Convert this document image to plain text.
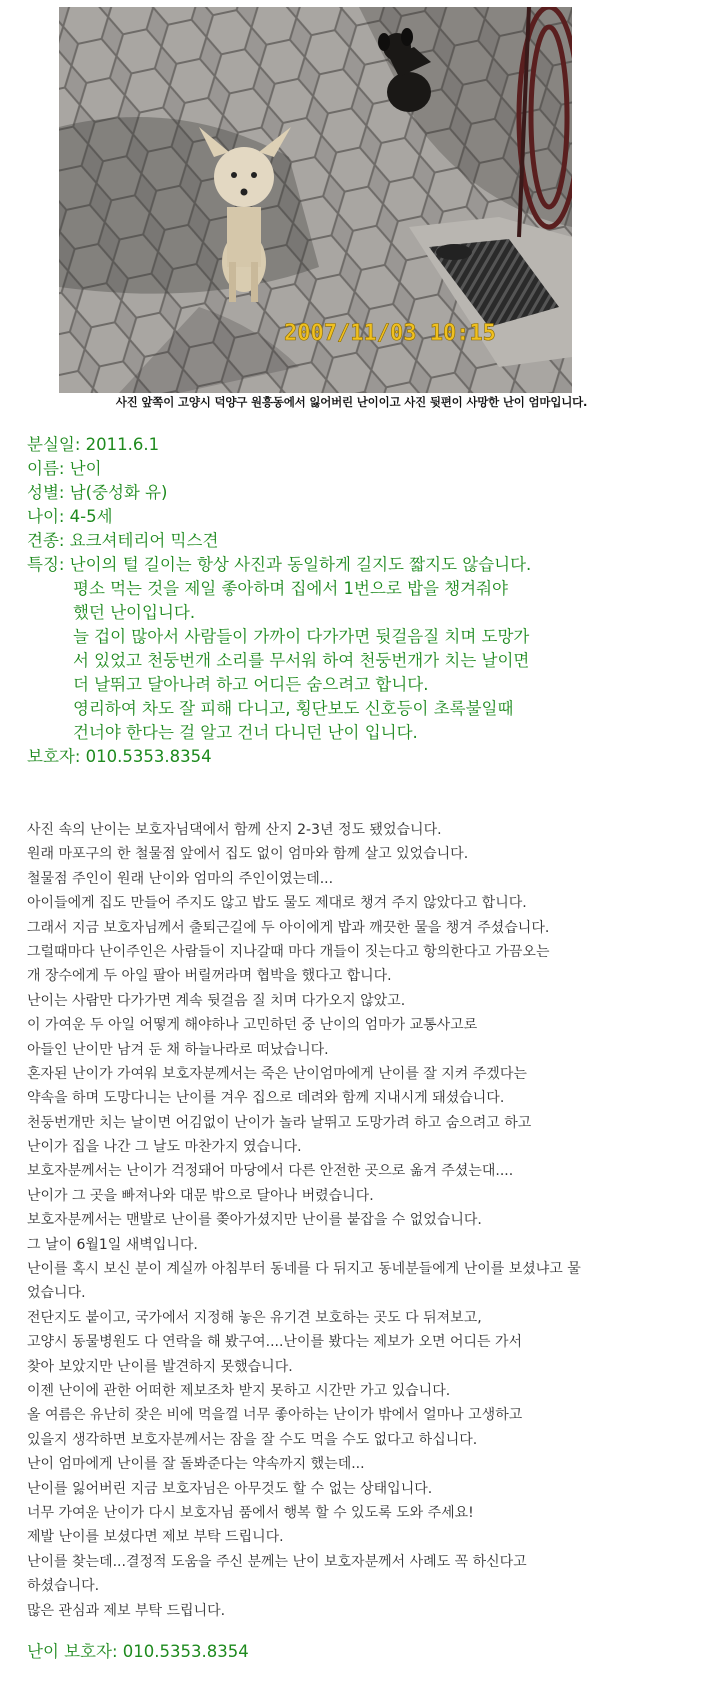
2007/11/03 10:15
사진 앞쪽이 고양시 덕양구 원흥동에서 잃어버린 난이이고 사진 뒷편이 사망한 난이 엄마입니다.
분실일: 2011.6.1
이름: 난이
성별: 남(중성화 유)
나이: 4-5세
견종: 요크셔테리어 믹스견
특징: 난이의 털 길이는 항상 사진과 동일하게 길지도 짧지도 않습니다.
평소 먹는 것을 제일 좋아하며 집에서 1번으로 밥을 챙겨줘야
했던 난이입니다.
늘 겁이 많아서 사람들이 가까이 다가가면 뒷걸음질 치며 도망가
서 있었고 천둥번개 소리를 무서워 하여 천둥번개가 치는 날이면
더 날뛰고 달아나려 하고 어디든 숨으려고 합니다.
영리하여 차도 잘 피해 다니고, 횡단보도 신호등이 초록불일때
건너야 한다는 걸 알고 건너 다니던 난이 입니다.
보호자: 010.5353.8354
사진 속의 난이는 보호자님댁에서 함께 산지 2-3년 정도 됐었습니다.
원래 마포구의 한 철물점 앞에서 집도 없이 엄마와 함께 살고 있었습니다.
철물점 주인이 원래 난이와 엄마의 주인이였는데...
아이들에게 집도 만들어 주지도 않고 밥도 물도 제대로 챙겨 주지 않았다고 합니다.
그래서 지금 보호자님께서 출퇴근길에 두 아이에게 밥과 깨끗한 물을 챙겨 주셨습니다.
그럴때마다 난이주인은 사람들이 지나갈때 마다 개들이 짓는다고 항의한다고 가끔오는
개 장수에게 두 아일 팔아 버릴꺼라며 협박을 했다고 합니다.
난이는 사람만 다가가면 계속 뒷걸음 질 치며 다가오지 않았고.
이 가여운 두 아일 어떻게 해야하나 고민하던 중 난이의 엄마가 교통사고로
아들인 난이만 남겨 둔 채 하늘나라로 떠났습니다.
혼자된 난이가 가여워 보호자분께서는 죽은 난이엄마에게 난이를 잘 지켜 주겠다는
약속을 하며 도망다니는 난이를 겨우 집으로 데려와 함께 지내시게 돼셨습니다.
천둥번개만 치는 날이면 어김없이 난이가 놀라 날뛰고 도망가려 하고 숨으려고 하고
난이가 집을 나간 그 날도 마찬가지 였습니다.
보호자분께서는 난이가 걱정돼어 마당에서 다른 안전한 곳으로 옮겨 주셨는대....
난이가 그 곳을 빠져나와 대문 밖으로 달아나 버렸습니다.
보호자분께서는 맨발로 난이를 쫒아가셨지만 난이를 붙잡을 수 없었습니다.
그 날이 6월1일 새벽입니다.
난이를 혹시 보신 분이 계실까 아침부터 동네를 다 뒤지고 동네분들에게 난이를 보셨냐고 물
었습니다.
전단지도 붙이고, 국가에서 지정해 놓은 유기견 보호하는 곳도 다 뒤져보고,
고양시 동물병원도 다 연락을 해 봤구여....난이를 봤다는 제보가 오면 어디든 가서
찾아 보았지만 난이를 발견하지 못했습니다.
이젠 난이에 관한 어떠한 제보조차 받지 못하고 시간만 가고 있습니다.
올 여름은 유난히 잦은 비에 먹을껄 너무 좋아하는 난이가 밖에서 얼마나 고생하고
있을지 생각하면 보호자분께서는 잠을 잘 수도 먹을 수도 없다고 하십니다.
난이 엄마에게 난이를 잘 돌봐준다는 약속까지 했는데...
난이를 잃어버린 지금 보호자님은 아무것도 할 수 없는 상태입니다.
너무 가여운 난이가 다시 보호자님 품에서 행복 할 수 있도록 도와 주세요!
제발 난이를 보셨다면 제보 부탁 드립니다.
난이를 찾는데...결정적 도움을 주신 분께는 난이 보호자분께서 사례도 꼭 하신다고
하셨습니다.
많은 관심과 제보 부탁 드립니다.
난이 보호자: 010.5353.8354
